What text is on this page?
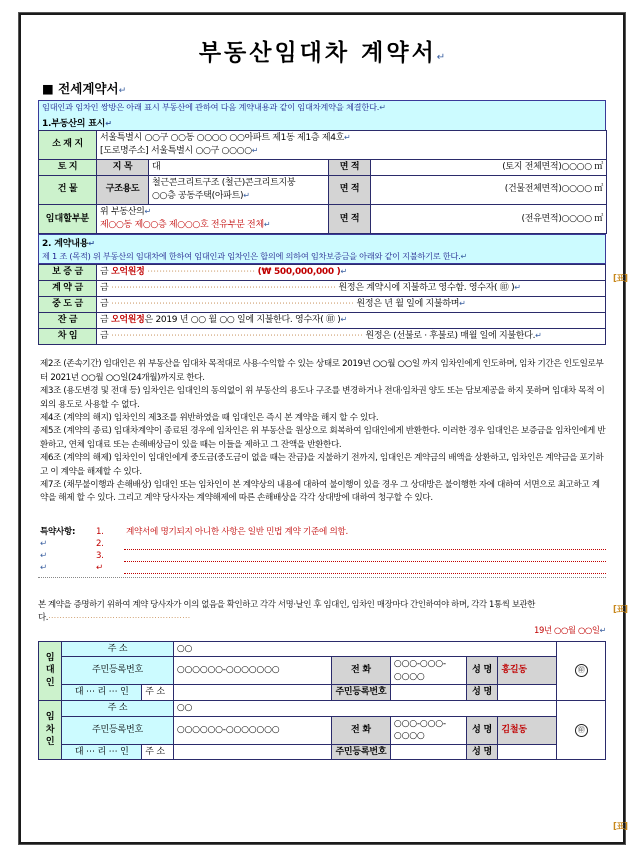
부동산임대차 계약서↵
■ 전세계약서↵
임대인과 임차인 쌍방은 아래 표시 부동산에 관하여 다음 계약내용과 같이 임대차계약을 체결한다.↵
1.부동산의 표시↵
소 재 지	서울특별시 ○○구 ○○동 ○○○○ ○○아파트 제1동 제1층 제4호↵
[도로명주소] 서울특별시 ○○구 ○○○○↵			
토 지	지 목	대	면 적	(토지 전체면적)○○○○ ㎡
건 물	구조용도	철근콘크리트구조 (철근)콘크리트지붕
○○층 공동주택(아파트)↵	면 적	(건물전체면적)○○○○ ㎡
임대할부분	위 부동산의↵
제○○동 제○○층 제○○○호 전유부분 전체↵		면 적	(전유면적)○○○○ ㎡
2. 계약내용↵
제 1 조 (목적) 위 부동산의 임대차에 한하여 임대인과 임차인은 합의에 의하여 임차보증금을 아래와 같이 지불하기로 한다.↵
보 증 금	금 오억원정 ⋯⋯⋯⋯⋯⋯⋯⋯⋯⋯⋯⋯ (₩ 500,000,000 )↵
계 약 금	금 ⋯⋯⋯⋯⋯⋯⋯⋯⋯⋯⋯⋯⋯⋯⋯⋯⋯⋯⋯⋯⋯⋯⋯⋯⋯ 원정은 계약시에 지불하고 영수함. 영수자( ㊞ )↵
중 도 금	금 ⋯⋯⋯⋯⋯⋯⋯⋯⋯⋯⋯⋯⋯⋯⋯⋯⋯⋯⋯⋯⋯⋯⋯⋯⋯⋯⋯ 원정은 년 월 일에 지불하며↵
잔 금	금 오억원정은 2019 년 ○○ 월 ○○ 일에 지불한다. 영수자( ㊞ )↵
차 임	금 ⋯⋯⋯⋯⋯⋯⋯⋯⋯⋯⋯⋯⋯⋯⋯⋯⋯⋯⋯⋯⋯⋯⋯⋯⋯⋯⋯⋯ 원정은 (선불로 · 후불로) 매월 일에 지불한다.↵

제2조 (존속기간) 임대인은 위 부동산을 임대차 목적대로 사용·수익할 수 있는 상태로 2019년 ○○월 ○○일 까지 임차인에게 인도하며, 임차 기간은 인도일로부터 2021년 ○○월 ○○일(24개월)까지로 한다.

제3조 (용도변경 및 전대 등) 임차인은 임대인의 동의없이 위 부동산의 용도나 구조를 변경하거나 전대·임차권 양도 또는 담보제공을 하지 못하며 임대차 목적 이외의 용도로 사용할 수 없다.

제4조 (계약의 해지) 임차인의 제3조를 위반하였을 때 임대인은 즉시 본 계약을 해지 할 수 있다.

제5조 (계약의 종료) 임대차계약이 종료된 경우에 임차인은 위 부동산을 원상으로 회복하여 임대인에게 반환한다. 이러한 경우 임대인은 보증금을 임차인에게 반환하고, 연체 임대료 또는 손해배상금이 있을 때는 이들을 제하고 그 잔액을 반환한다.

제6조 (계약의 해제) 임차인이 임대인에게 중도금(중도금이 없을 때는 잔금)을 지불하기 전까지, 임대인은 계약금의 배액을 상환하고, 임차인은 계약금을 포기하고 이 계약을 해제할 수 있다.

제7조 (채무불이행과 손해배상) 임대인 또는 임차인이 본 계약상의 내용에 대하여 불이행이 있을 경우 그 상대방은 불이행한 자에 대하여 서면으로 최고하고 계약을 해제 할 수 있다. 그리고 계약 당사자는 계약해제에 따른 손해배상을 각각 상대방에 대하여 청구할 수 있다.

특약사항:	1.	계약서에 명기되지 아니한 사항은 일반 민법 계약 기준에 의함.
↵	2.	
↵	3.	
↵	↵	
본 계약을 증명하기 위하여 계약 당사자가 이의 없음을 확인하고 각각 서명·날인 후 임대인, 임차인 매장마다 간인하여야 하며, 각각 1통씩 보관한다.⋯⋯⋯⋯⋯⋯⋯⋯⋯⋯⋯⋯⋯⋯⋯⋯⋯
19년 ○○월 ○○일↵
임
대
인	주 소		○○					㊞
	주민등록번호		○○○○○○-○○○○○○○	전 화	○○○-○○○-○○○○	성 명	홍길동	
	대 ⋯ 리 ⋯ 인	주 소		주민등록번호		성 명		
임
차
인	주 소		○○					㊞
	주민등록번호		○○○○○○-○○○○○○○	전 화	○○○-○○○-○○○○	성 명	김철동	
	대 ⋯ 리 ⋯ 인	주 소		주민등록번호		성 명		
[표]
[표]
[표]
